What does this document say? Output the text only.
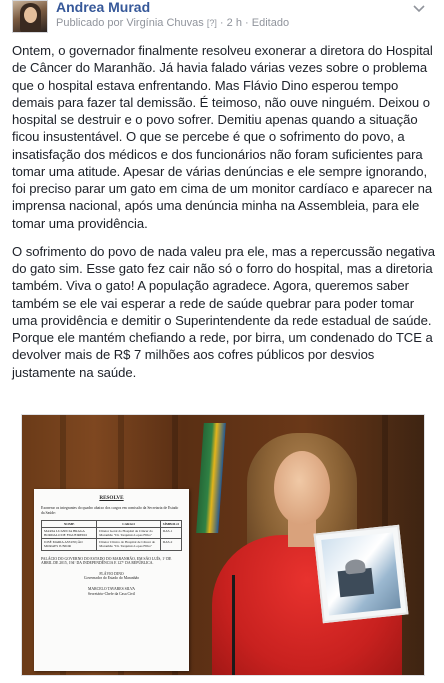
Andrea Murad
Publicado por Virgínia Chuvas [?] · 2 h · Editado

Ontem, o governador finalmente resolveu exonerar a diretora do Hospital de Câncer do Maranhão. Já havia falado várias vezes sobre o problema que o hospital estava enfrentando. Mas Flávio Dino esperou tempo demais para fazer tal demissão. É teimoso, não ouve ninguém. Deixou o hospital se destruir e o povo sofrer. Demitiu apenas quando a situação ficou insustentável. O que se percebe é que o sofrimento do povo, a insatisfação dos médicos e dos funcionários não foram suficientes para tomar uma atitude. Apesar de várias denúncias e ele sempre ignorando, foi preciso parar um gato em cima de um monitor cardíaco e aparecer na imprensa nacional, após uma denúncia minha na Assembleia, para ele tomar uma providência.

O sofrimento do povo de nada valeu pra ele, mas a repercussão negativa do gato sim. Esse gato fez cair não só o forro do hospital, mas a diretoria também. Viva o gato! A população agradece. Agora, queremos saber também se ele vai esperar a rede de saúde quebrar para poder tomar uma providência e demitir o Superintendente da rede estadual de saúde. Porque ele mantém chefiando a rede, por birra, um condenado do TCE a devolver mais de R$ 7 milhões aos cofres públicos por desvios justamente na saúde.

RESOLVE
Exonerar os integrantes do quadro abaixo dos cargos em comissão da Secretaria de Estado da Saúde:
NOME	CARGO	SÍMBOLO
MARIA LUANICIA BRAGA BORDALO DE FIGUEIREDO	Diretor Geral do Hospital de Câncer do Maranhão "Dr. Tarquínio Lopes Filho"	DAS-1
JOSÉ MARIA ASSUNÇÃO MORAES JUNIOR	Diretor Clínico do Hospital de Câncer do Maranhão "Dr. Tarquínio Lopes Filho"	DAS-2
PALÁCIO DO GOVERNO DO ESTADO DO MARANHÃO, EM SÃO LUÍS, 1º DE ABRIL DE 2015, 194º DA INDEPENDÊNCIA E 127º DA REPÚBLICA.
FLÁVIO DINO
Governador do Estado do Maranhão
MARCELO TAVARES SILVA
Secretário-Chefe da Casa Civil
